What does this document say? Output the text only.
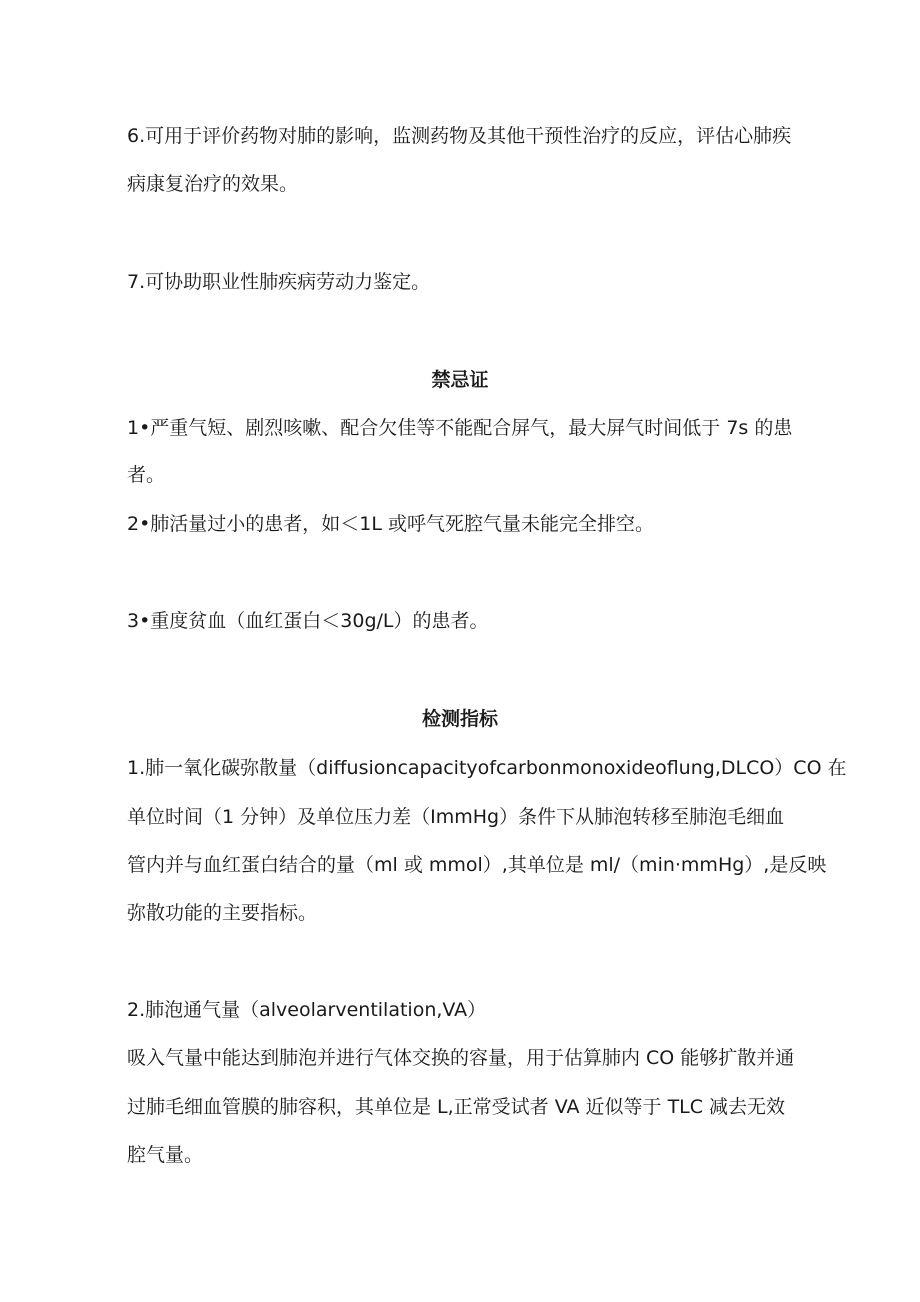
6.可用于评价药物对肺的影响，监测药物及其他干预性治疗的反应，评估心肺疾
病康复治疗的效果。
7.可协助职业性肺疾病劳动力鉴定。
禁忌证
1•严重气短、剧烈咳嗽、配合欠佳等不能配合屏气，最大屏气时间低于 7s 的患
者。
2•肺活量过小的患者，如＜1L 或呼气死腔气量未能完全排空。
3•重度贫血（血红蛋白＜30g/L）的患者。
检测指标
1.肺一氧化碳弥散量（diffusioncapacityofcarbonmonoxideoflung,DLCO）CO 在
单位时间（1 分钟）及单位压力差（ImmHg）条件下从肺泡转移至肺泡毛细血
管内并与血红蛋白结合的量（ml 或 mmol）,其单位是 ml/（min·mmHg）,是反映
弥散功能的主要指标。
2.肺泡通气量（alveolarventilation,VA）
吸入气量中能达到肺泡并进行气体交换的容量，用于估算肺内 CO 能够扩散并通
过肺毛细血管膜的肺容积，其单位是 L,正常受试者 VA 近似等于 TLC 减去无效
腔气量。
